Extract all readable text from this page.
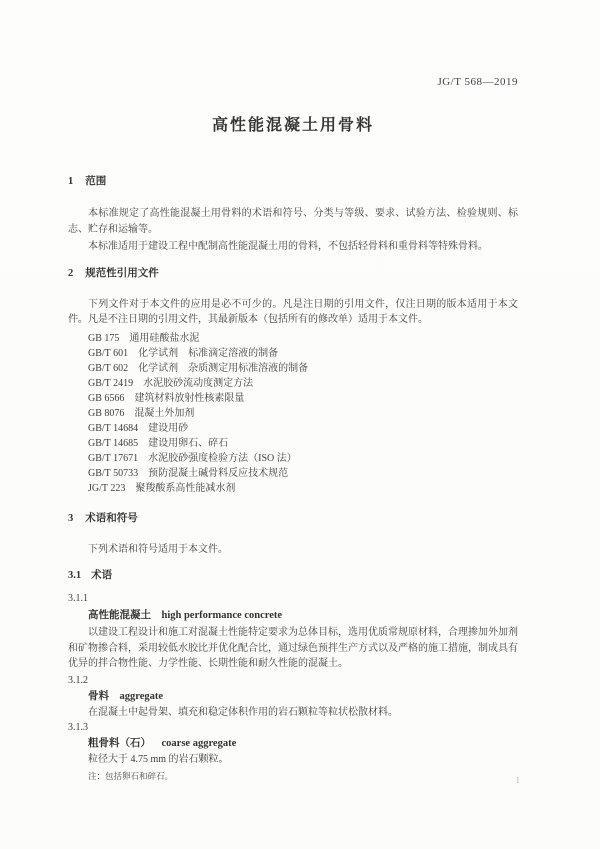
JG/T 568—2019
高性能混凝土用骨料
1 范围

本标准规定了高性能混凝土用骨料的术语和符号、分类与等级、要求、试验方法、检验规则、标志、贮存和运输等。

本标准适用于建设工程中配制高性能混凝土用的骨料，不包括轻骨料和重骨料等特殊骨料。

2 规范性引用文件

下列文件对于本文件的应用是必不可少的。凡是注日期的引用文件，仅注日期的版本适用于本文件。凡是不注日期的引用文件，其最新版本（包括所有的修改单）适用于本文件。

GB 175 通用硅酸盐水泥
GB/T 601 化学试剂　标准滴定溶液的制备
GB/T 602 化学试剂　杂质测定用标准溶液的制备
GB/T 2419 水泥胶砂流动度测定方法
GB 6566 建筑材料放射性核素限量
GB 8076 混凝土外加剂
GB/T 14684 建设用砂
GB/T 14685 建设用卵石、碎石
GB/T 17671 水泥胶砂强度检验方法（ISO 法）
GB/T 50733 预防混凝土碱骨料反应技术规范
JG/T 223 聚羧酸系高性能减水剂
3 术语和符号

下列术语和符号适用于本文件。

3.1 术语
3.1.1
高性能混凝土 high performance concrete

以建设工程设计和施工对混凝土性能特定要求为总体目标，选用优质常规原材料，合理掺加外加剂和矿物掺合料，采用较低水胶比并优化配合比，通过绿色预拌生产方式以及严格的施工措施，制成具有优异的拌合物性能、力学性能、长期性能和耐久性能的混凝土。

3.1.2
骨料 aggregate

在混凝土中起骨架、填充和稳定体积作用的岩石颗粒等粒状松散材料。

3.1.3
粗骨料（石） coarse aggregate

粒径大于 4.75 mm 的岩石颗粒。

注：包括卵石和碎石。	1
